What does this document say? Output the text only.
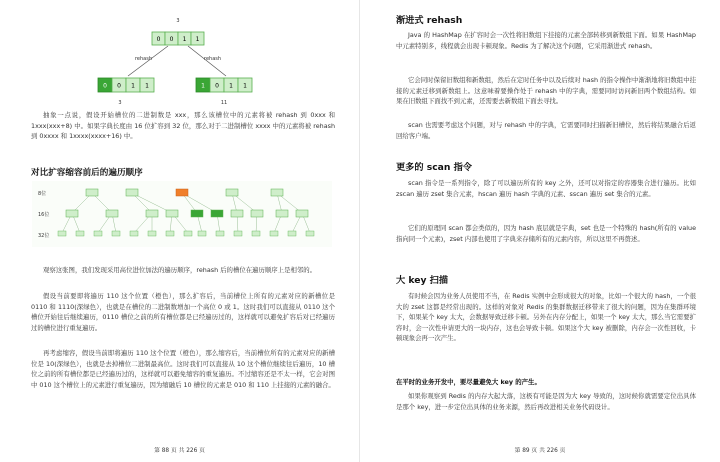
3
0 0 1 1
rehash	rehash
0 0 1 1	1 0 1 1
3	11
抽象一点说，假设开始槽位的二进制数是 xxx，那么该槽位中的元素将被 rehash 到 0xxx 和 1xxx(xxx+8) 中。如果字典长度由 16 位扩容到 32 位，那么对于二进制槽位 xxxx 中的元素将被 rehash 到 0xxxx 和 1xxxx(xxxx+16) 中。
对比扩容缩容前后的遍历顺序
8位
16位
32位
观察这张图，我们发现采用高位进位加法的遍历顺序，rehash 后的槽位在遍历顺序上是相邻的。
假设当前要即将遍历 110 这个位置（橙色），那么扩容后，当前槽位上所有的元素对应的新槽位是 0110 和 1110(深绿色），也就是在槽位的二进制数增加一个高位 0 或 1。这时我们可以直接从 0110 这个槽位开始往后继续遍历，0110 槽位之前的所有槽位都是已经遍历过的，这样就可以避免扩容后对已经遍历过的槽位进行重复遍历。
再考虑缩容，假设当前即将遍历 110 这个位置（橙色），那么缩容后，当前槽位所有的元素对应的新槽位是 10(深绿色），也就是去掉槽位二进制最高位。这时我们可以直接从 10 这个槽位继续往后遍历，10 槽位之前的所有槽位都是已经遍历过的，这样就可以避免缩容的重复遍历。不过缩容还是不太一样，它会对图中 010 这个槽位上的元素进行重复遍历，因为缩融后 10 槽位的元素是 010 和 110 上挂接的元素的融合。
第 88 页 共 226 页
渐进式 rehash
Java 的 HashMap 在扩容时会一次性将旧数组下挂接的元素全部转移到新数组下面。如果 HashMap 中元素特别多，线程就会出现卡顿现象。Redis 为了解决这个问题，它采用渐进式 rehash。
它会同时保留旧数组和新数组，然后在定时任务中以及后续对 hash 的指令操作中渐渐地将旧数组中挂接的元素迁移到新数组上。这意味着要操作处于 rehash 中的字典，需要同时访问新旧两个数组结构。如果在旧数组下面找不到元素，还需要去新数组下面去寻找。
scan 也需要考虑这个问题，对与 rehash 中的字典，它需要同时扫描新旧槽位，然后将结果融合后返回给客户端。
更多的 scan 指令
scan 指令是一系列指令，除了可以遍历所有的 key 之外，还可以对指定的容器集合进行遍历。比如 zscan 遍历 zset 集合元素，hscan 遍历 hash 字典的元素、sscan 遍历 set 集合的元素。
它们的原理同 scan 都会类似的，因为 hash 底层就是字典，set 也是一个特殊的 hash(所有的 value 指向同一个元素)，zset 内部也使用了字典来存储所有的元素内容，所以这里不再赘述。
大 key 扫描
有时候会因为业务人员使用不当，在 Redis 实例中会形成很大的对象，比如一个很大的 hash，一个很大的 zset 这都是经常出现的。这样的对象对 Redis 的集群数据迁移带来了很大的问题，因为在集群环境下，如果某个 key 太大，会数据导致迁移卡顿。另外在内存分配上，如果一个 key 太大，那么当它需要扩容时，会一次性申请更大的一块内存，这也会导致卡顿。如果这个大 key 被删除，内存会一次性回收，卡顿现象会再一次产生。
在平时的业务开发中，要尽量避免大 key 的产生。
如果你观察到 Redis 的内存大起大落，这极有可能是因为大 key 导致的，这时候你就需要定位出具体是那个 key，进一步定位出具体的业务来源，然后再改进相关业务代码设计。
第 89 页 共 226 页
